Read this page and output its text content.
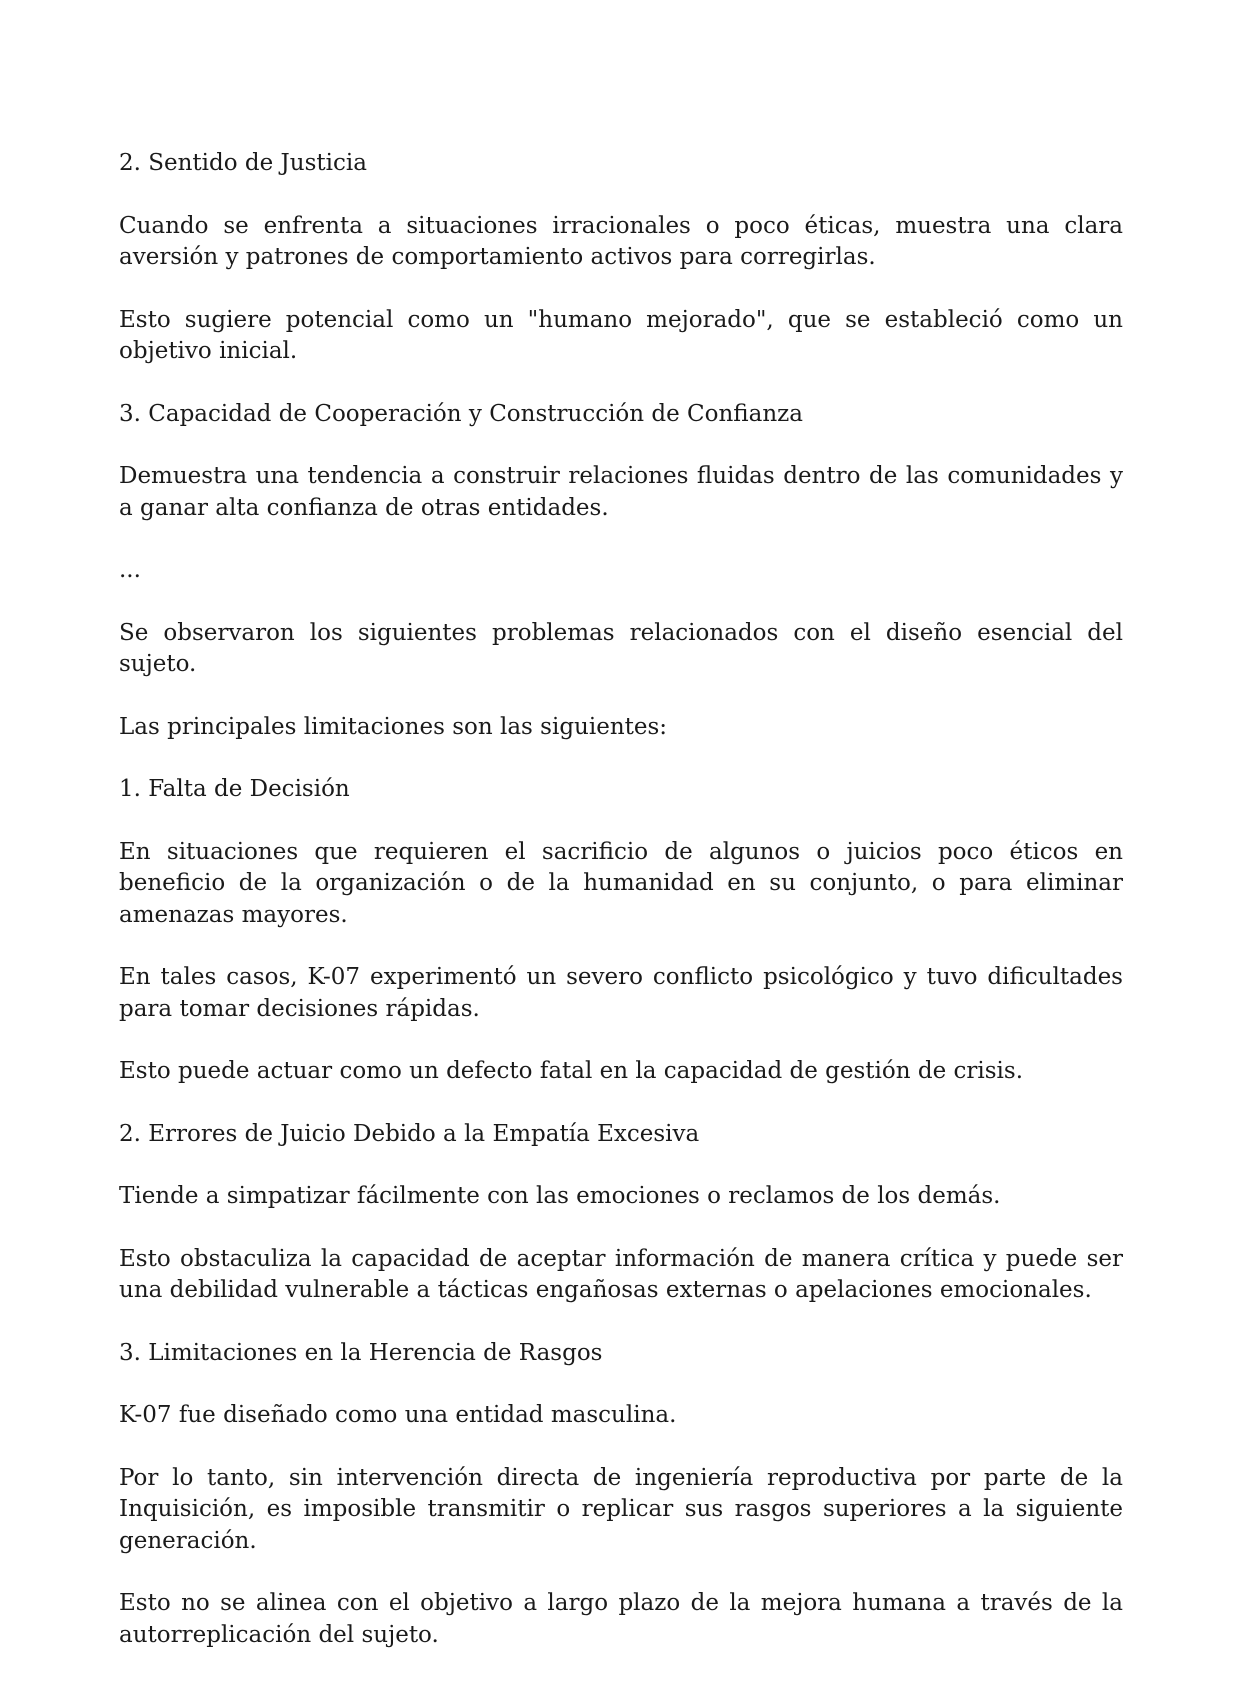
2. Sentido de Justicia

Cuando se enfrenta a situaciones irracionales o poco éticas, muestra una clara aversión y patrones de comportamiento activos para corregirlas.

Esto sugiere potencial como un "humano mejorado", que se estableció como un objetivo inicial.

3. Capacidad de Cooperación y Construcción de Confianza

Demuestra una tendencia a construir relaciones fluidas dentro de las comunidades y a ganar alta confianza de otras entidades.

...

Se observaron los siguientes problemas relacionados con el diseño esencial del sujeto.

Las principales limitaciones son las siguientes:

1. Falta de Decisión

En situaciones que requieren el sacrificio de algunos o juicios poco éticos en beneficio de la organización o de la humanidad en su conjunto, o para eliminar amenazas mayores.

En tales casos, K-07 experimentó un severo conflicto psicológico y tuvo dificultades para tomar decisiones rápidas.

Esto puede actuar como un defecto fatal en la capacidad de gestión de crisis.

2. Errores de Juicio Debido a la Empatía Excesiva

Tiende a simpatizar fácilmente con las emociones o reclamos de los demás.

Esto obstaculiza la capacidad de aceptar información de manera crítica y puede ser una debilidad vulnerable a tácticas engañosas externas o apelaciones emocionales.

3. Limitaciones en la Herencia de Rasgos

K-07 fue diseñado como una entidad masculina.

Por lo tanto, sin intervención directa de ingeniería reproductiva por parte de la Inquisición, es imposible transmitir o replicar sus rasgos superiores a la siguiente generación.

Esto no se alinea con el objetivo a largo plazo de la mejora humana a través de la autorreplicación del sujeto.
